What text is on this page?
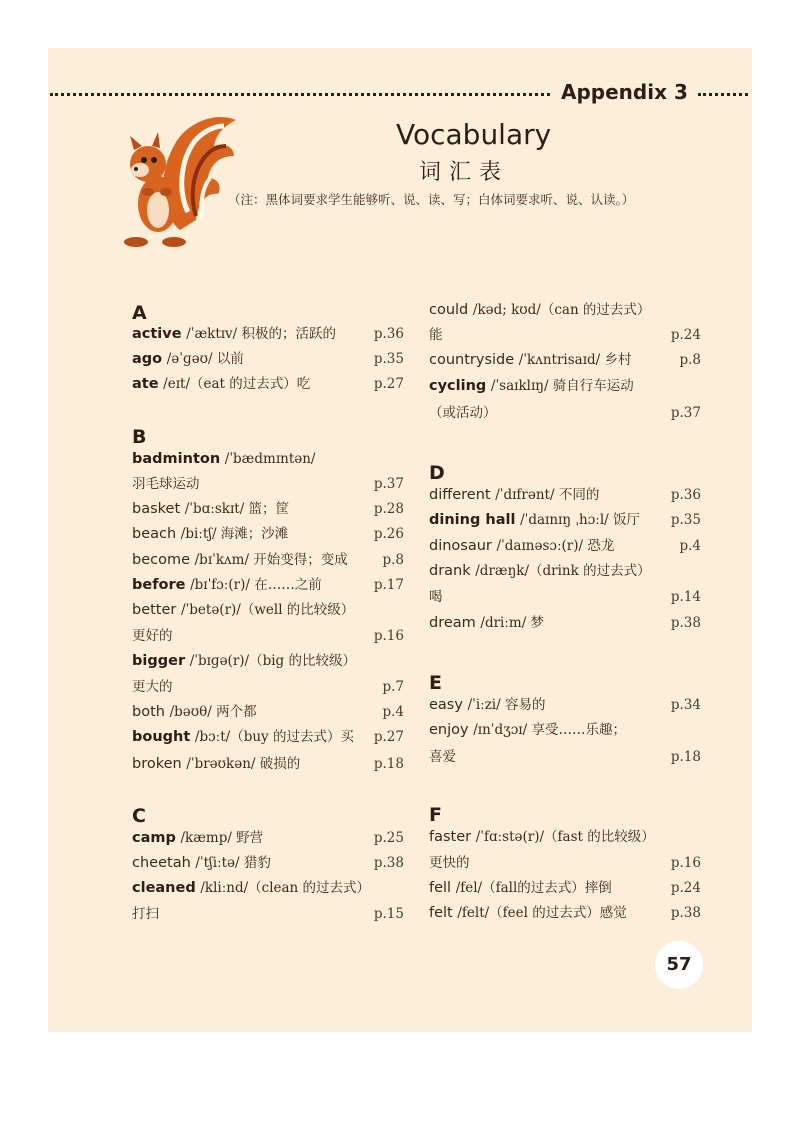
Appendix 3
Vocabulary
词汇表
（注：黑体词要求学生能够听、说、读、写；白体词要求听、说、认读。）
A
active /ˈæktɪv/ 积极的；活跃的	p.36
ago /əˈɡəʊ/ 以前	p.35
ate /eɪt/（eat 的过去式）吃	p.27
B
badminton /ˈbædmɪntən/
羽毛球运动	p.37
basket /ˈbɑːskɪt/ 篮；筐	p.28
beach /biːtʃ/ 海滩；沙滩	p.26
become /bɪˈkʌm/ 开始变得；变成	p.8
before /bɪˈfɔː(r)/ 在……之前	p.17
better /ˈbetə(r)/（well 的比较级）
更好的	p.16
bigger /ˈbɪɡə(r)/（big 的比较级）
更大的	p.7
both /bəʊθ/ 两个都	p.4
bought /bɔːt/（buy 的过去式）买 p.27
broken /ˈbrəʊkən/ 破损的	p.18
C
camp /kæmp/ 野营	p.25
cheetah /ˈtʃiːtə/ 猎豹	p.38
cleaned /kliːnd/（clean 的过去式）
打扫	p.15
could /kəd; kʊd/（can 的过去式）
能	p.24
countryside /ˈkʌntrisaɪd/ 乡村	p.8
cycling /ˈsaɪklɪŋ/ 骑自行车运动
（或活动）	p.37
D
different /ˈdɪfrənt/ 不同的	p.36
dining hall /ˈdaɪnɪŋ ˌhɔːl/ 饭厅 p.35
dinosaur /ˈdaɪnəsɔː(r)/ 恐龙	p.4
drank /dræŋk/（drink 的过去式）
喝	p.14
dream /driːm/ 梦	p.38
E
easy /ˈiːzi/ 容易的	p.34
enjoy /ɪnˈdʒɔɪ/ 享受……乐趣；
喜爱	p.18
F
faster /ˈfɑːstə(r)/（fast 的比较级）
更快的	p.16
fell /fel/（fall的过去式）摔倒	p.24
felt /felt/（feel 的过去式）感觉	p.38
57
